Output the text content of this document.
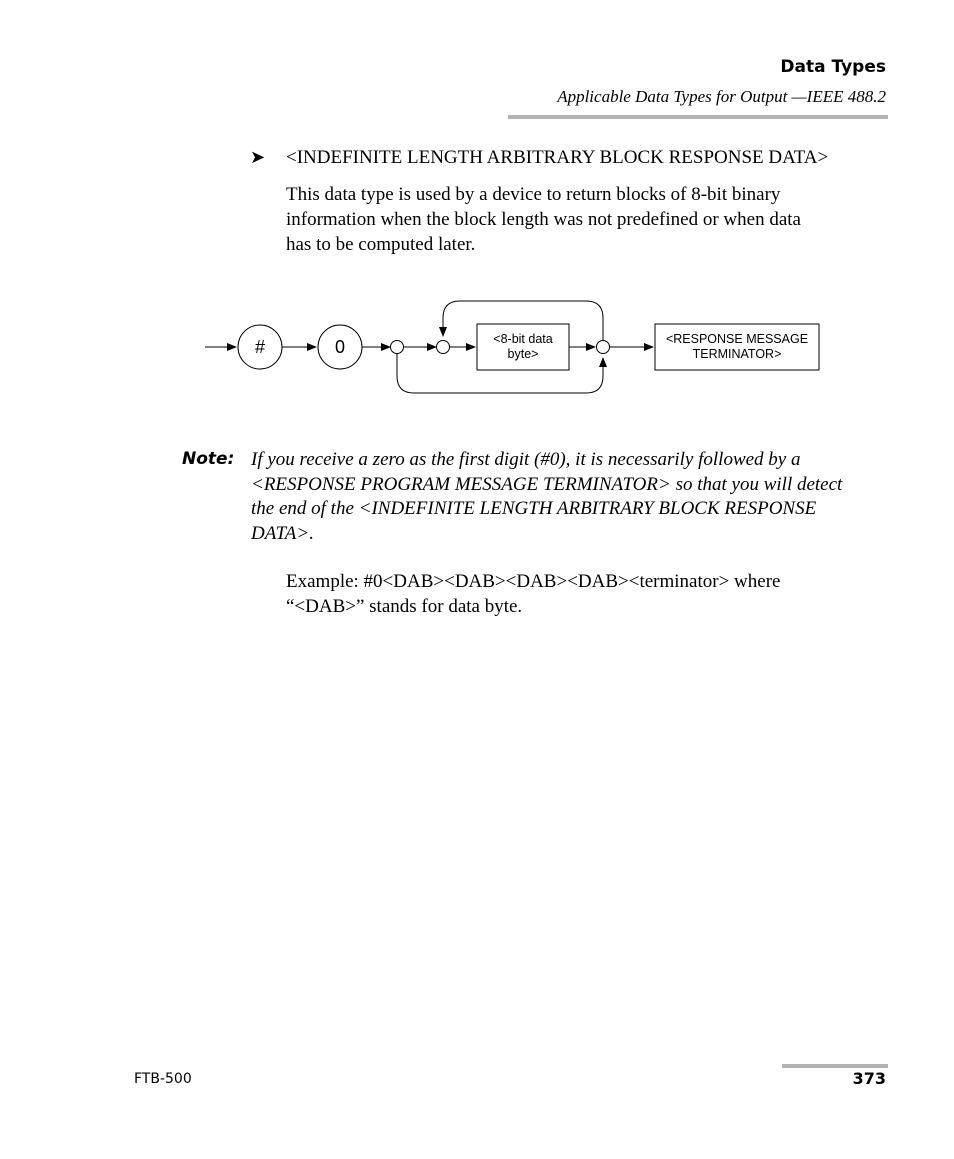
Data Types
Applicable Data Types for Output —IEEE 488.2
➤ <INDEFINITE LENGTH ARBITRARY BLOCK RESPONSE DATA>

This data type is used by a device to return blocks of 8-bit binary

information when the block length was not predefined or when data

has to be computed later.

#	0	<8-bit data
byte>
<RESPONSE MESSAGE
TERMINATOR>
Note: If you receive a zero as the first digit (#0), it is necessarily followed by a

<RESPONSE PROGRAM MESSAGE TERMINATOR> so that you will detect

the end of the <INDEFINITE LENGTH ARBITRARY BLOCK RESPONSE

DATA>.

Example: #0<DAB><DAB><DAB><DAB><terminator> where

“<DAB>” stands for data byte.

FTB-500	373
